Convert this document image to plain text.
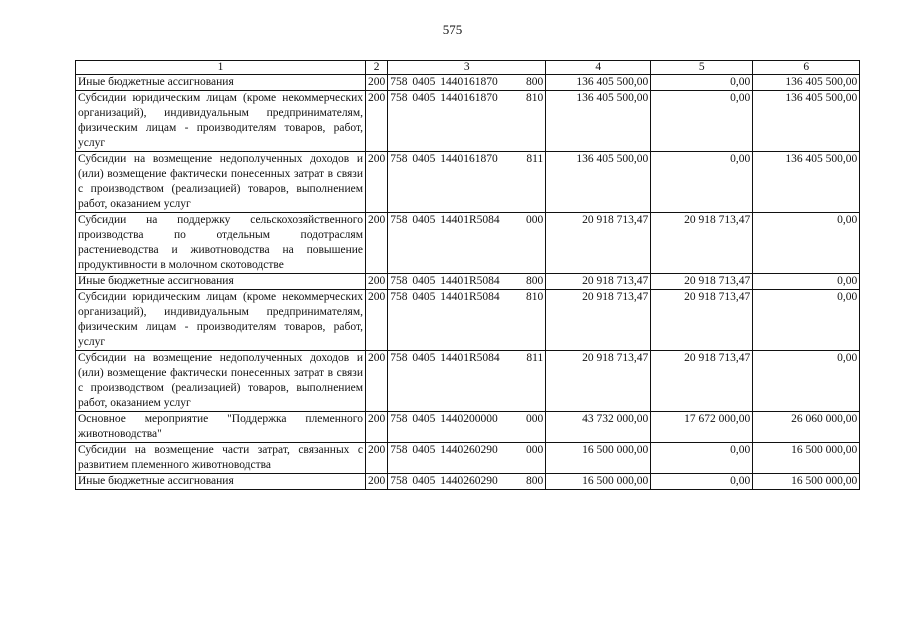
575
1	2	3	4	5	6
Иные бюджетные ассигнования	200	758 0405 1440161870 800	136 405 500,00	0,00	136 405 500,00
Субсидии юридическим лицам (кроме некоммерческих организаций), индивидуальным предпринимателям, физическим лицам - производителям товаров, работ, услуг	200	758 0405 1440161870 810	136 405 500,00	0,00	136 405 500,00
Субсидии на возмещение недополученных доходов и (или) возмещение фактически понесенных затрат в связи с производством (реализацией) товаров, выполнением работ, оказанием услуг	200	758 0405 1440161870 811	136 405 500,00	0,00	136 405 500,00
Субсидии на поддержку сельскохозяйственного производства по отдельным подотраслям растениеводства и животноводства на повышение продуктивности в молочном скотоводстве	200	758 0405 14401R5084 000	20 918 713,47	20 918 713,47	0,00
Иные бюджетные ассигнования	200	758 0405 14401R5084 800	20 918 713,47	20 918 713,47	0,00
Субсидии юридическим лицам (кроме некоммерческих организаций), индивидуальным предпринимателям, физическим лицам - производителям товаров, работ, услуг	200	758 0405 14401R5084 810	20 918 713,47	20 918 713,47	0,00
Субсидии на возмещение недополученных доходов и (или) возмещение фактически понесенных затрат в связи с производством (реализацией) товаров, выполнением работ, оказанием услуг	200	758 0405 14401R5084 811	20 918 713,47	20 918 713,47	0,00
Основное мероприятие "Поддержка племенного животноводства"	200	758 0405 1440200000 000	43 732 000,00	17 672 000,00	26 060 000,00
Субсидии на возмещение части затрат, связанных с развитием племенного животноводства	200	758 0405 1440260290 000	16 500 000,00	0,00	16 500 000,00
Иные бюджетные ассигнования	200	758 0405 1440260290 800	16 500 000,00	0,00	16 500 000,00
